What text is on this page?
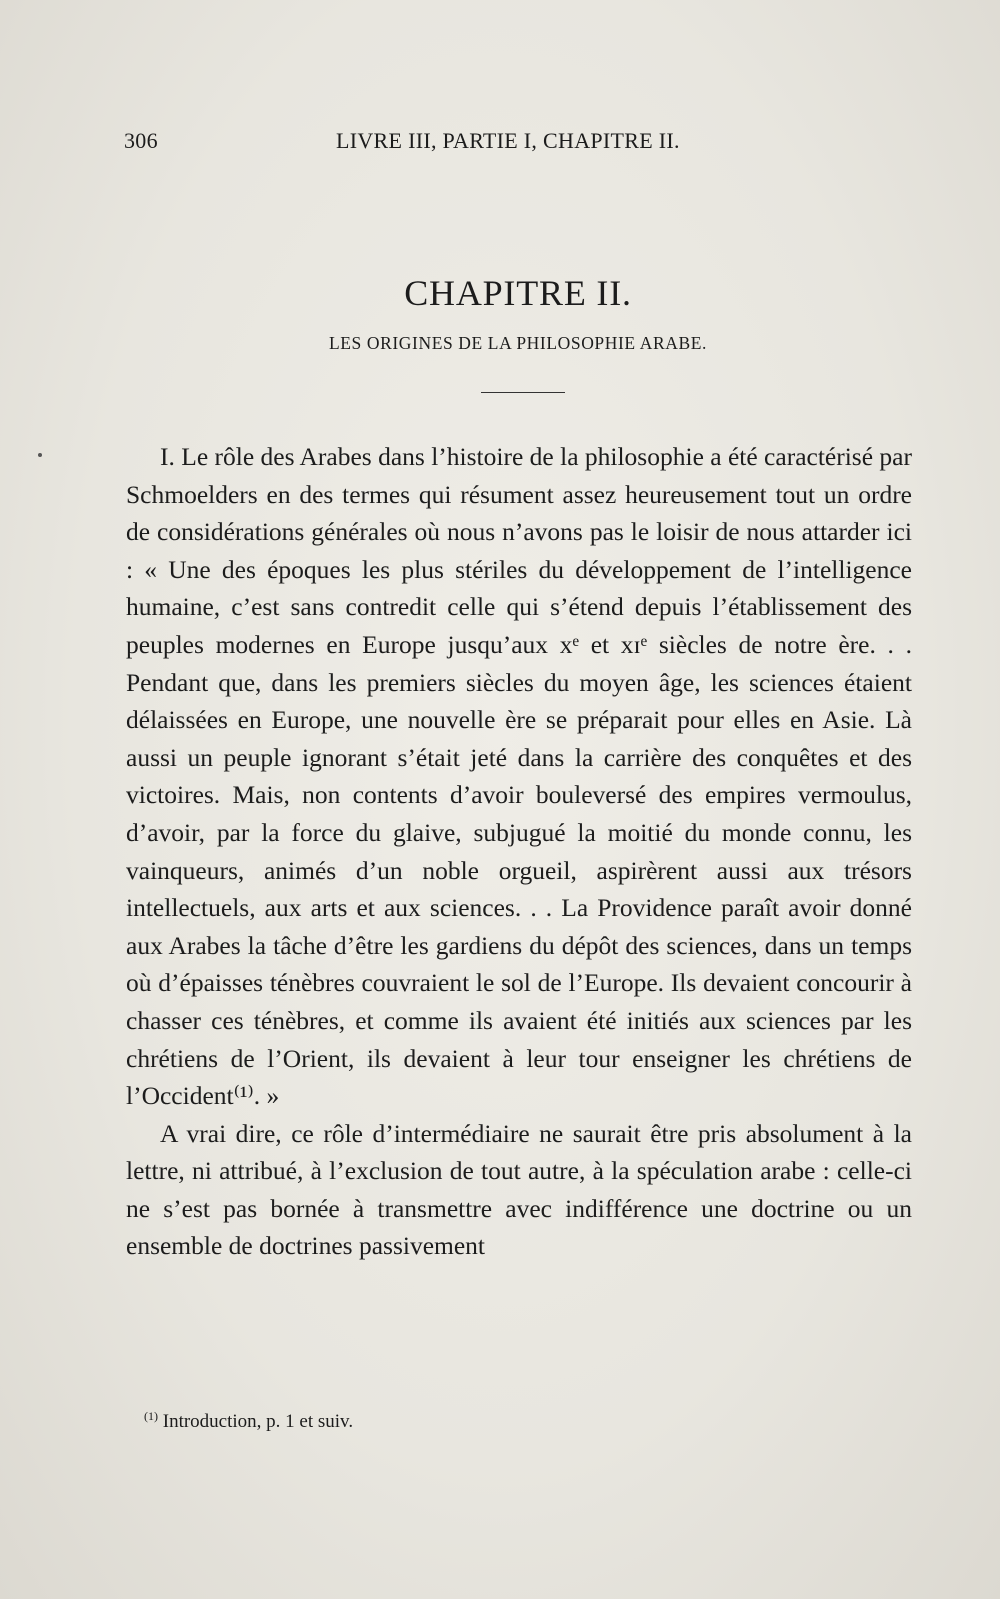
306	LIVRE III, PARTIE I, CHAPITRE II.
CHAPITRE II.
LES ORIGINES DE LA PHILOSOPHIE ARABE.

I. Le rôle des Arabes dans l’histoire de la philosophie a été caractérisé par Schmoelders en des termes qui résument assez heureusement tout un ordre de considérations générales où nous n’avons pas le loisir de nous attarder ici : « Une des époques les plus stériles du développement de l’intelligence humaine, c’est sans contredit celle qui s’étend depuis l’établissement des peuples modernes en Europe jusqu’aux xᵉ et xɪᵉ siècles de notre ère. . . Pendant que, dans les premiers siècles du moyen âge, les sciences étaient délaissées en Europe, une nouvelle ère se préparait pour elles en Asie. Là aussi un peuple ignorant s’était jeté dans la carrière des conquêtes et des victoires. Mais, non contents d’avoir bouleversé des empires vermoulus, d’avoir, par la force du glaive, subjugué la moitié du monde connu, les vainqueurs, animés d’un noble orgueil, aspirèrent aussi aux trésors intellectuels, aux arts et aux sciences. . . La Providence paraît avoir donné aux Arabes la tâche d’être les gardiens du dépôt des sciences, dans un temps où d’épaisses ténèbres couvraient le sol de l’Europe. Ils devaient concourir à chasser ces ténèbres, et comme ils avaient été initiés aux sciences par les chrétiens de l’Orient, ils devaient à leur tour enseigner les chrétiens de l’Occident⁽¹⁾. »

A vrai dire, ce rôle d’intermédiaire ne saurait être pris absolument à la lettre, ni attribué, à l’exclusion de tout autre, à la spéculation arabe : celle-ci ne s’est pas bornée à transmettre avec indifférence une doctrine ou un ensemble de doctrines passivement

$^{(1)}$ Introduction, p. 1 et suiv.
